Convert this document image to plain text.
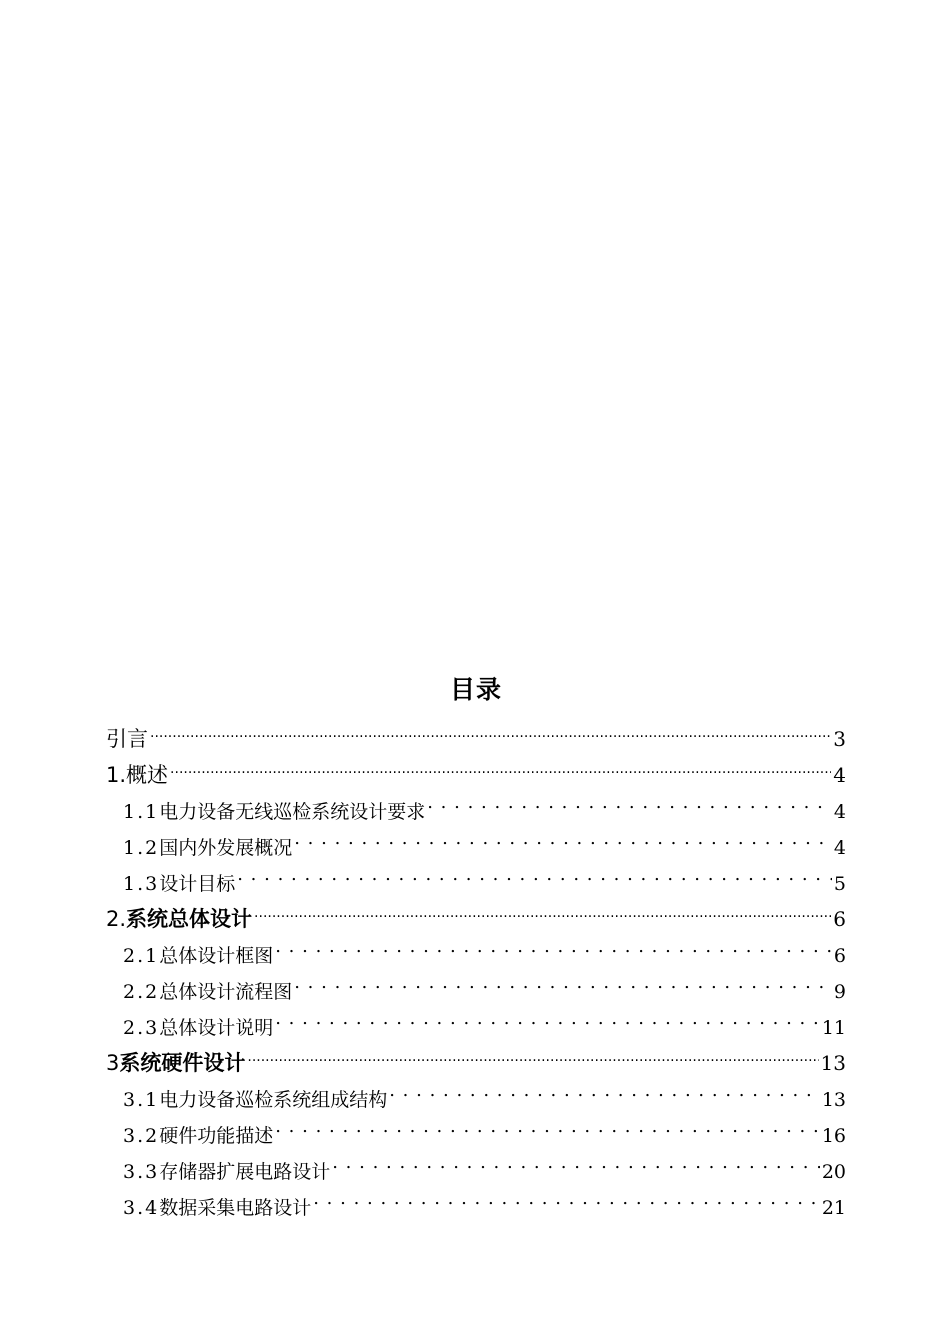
目录
引言 .....	3
1. 概述 .....	4
1.1 电力设备无线巡检系统设计要求 . . .	4
1.2 国内外发展概况 . . .	4
1.3 设计目标 . . .	5
2. 系统总体设计 .....	6
2.1 总体设计框图 . . .	6
2.2 总体设计流程图 . . .	9
2.3 总体设计说明 . . .	11
3 系统硬件设计 .....	13
3.1 电力设备巡检系统组成结构 . . .	13
3.2 硬件功能描述 . . .	16
3.3 存储器扩展电路设计 . . .	20
3.4 数据采集电路设计 . . .	21
